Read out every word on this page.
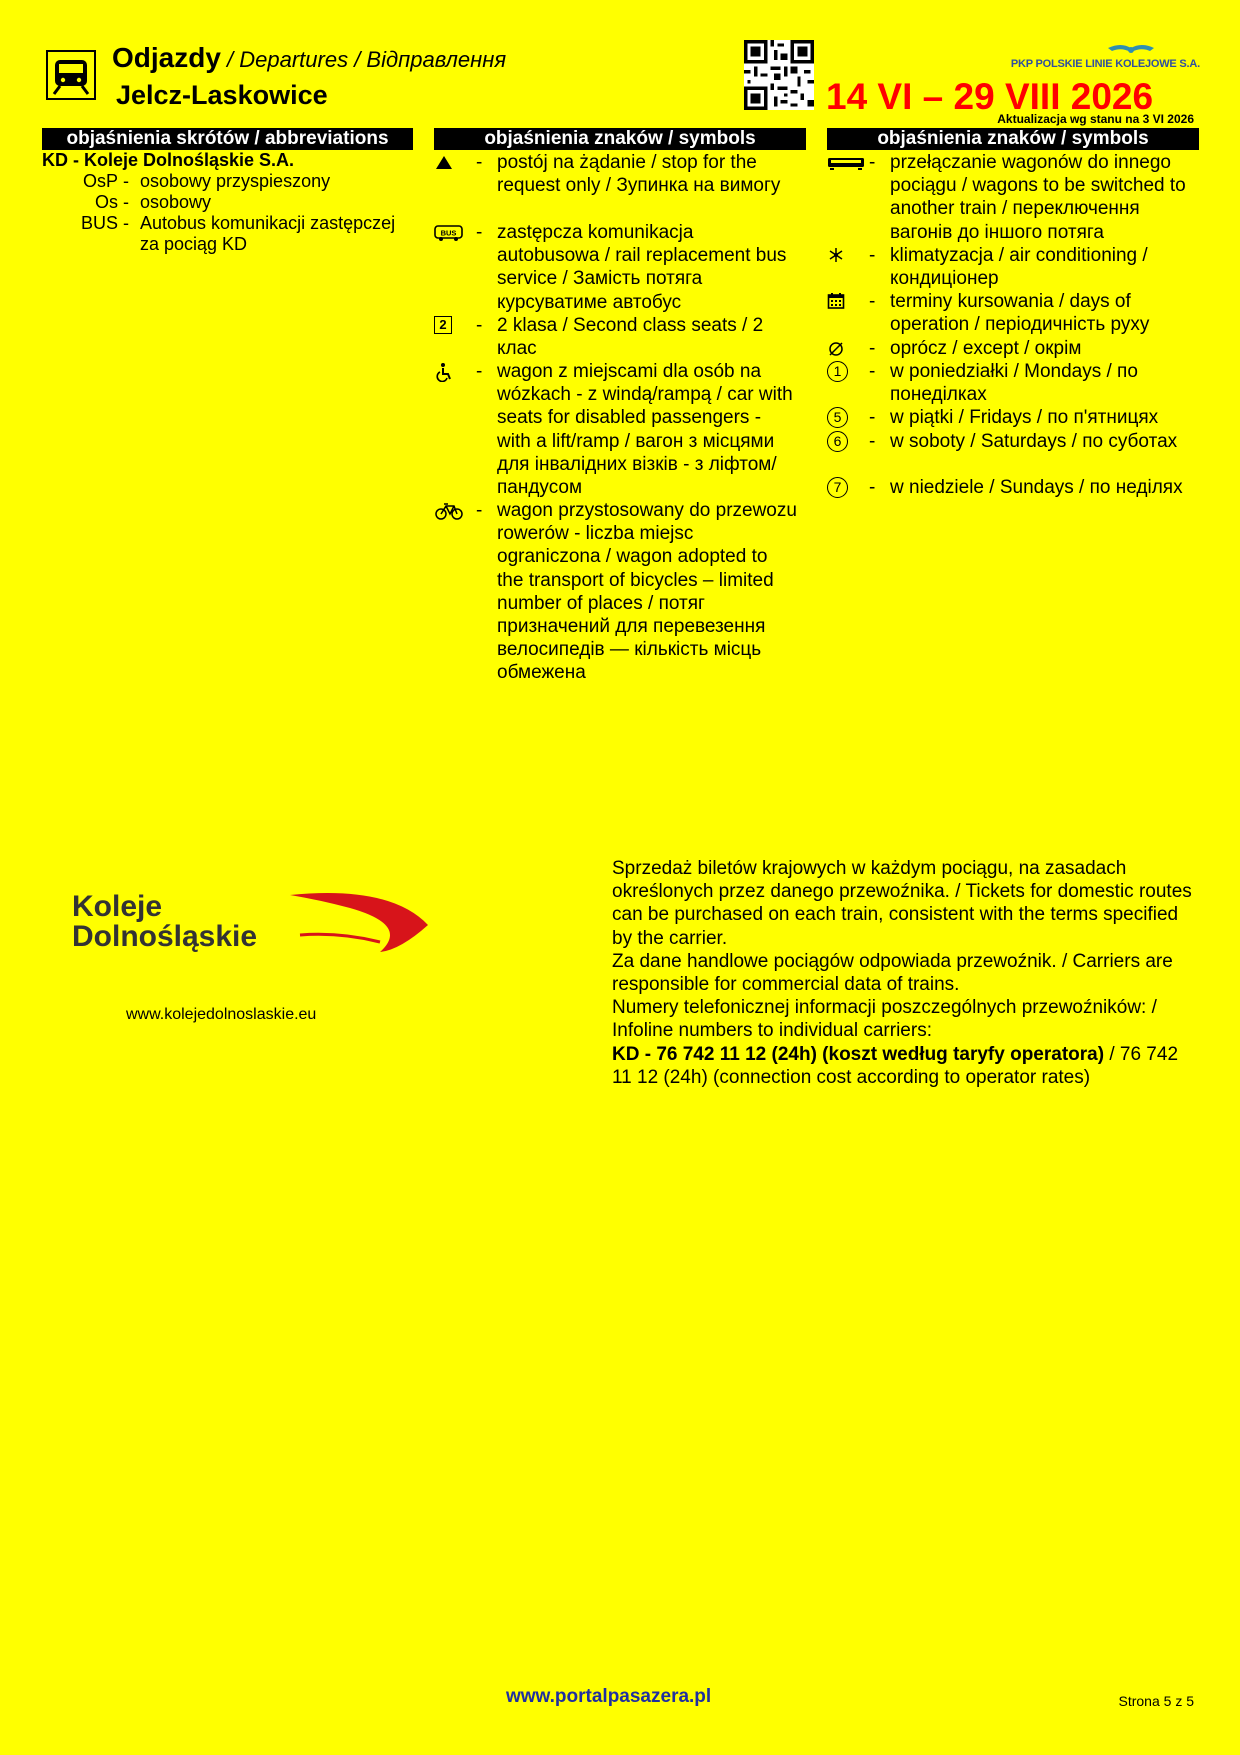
Odjazdy / Departures / Відправлення
Jelcz-Laskowice
PKP POLSKIE LINIE KOLEJOWE S.A.
14 VI – 29 VIII 2026
Aktualizacja wg stanu na 3 VI 2026
objaśnienia skrótów / abbreviations	objaśnienia znaków / symbols	objaśnienia znaków / symbols
KD - Koleje Dolnośląskie S.A.
OsP - osobowy przyspieszony
Os - osobowy
BUS - Autobus komunikacji zastępczej za pociąg KD
- postój na żądanie / stop for the request only / Зупинка на вимогу
BUS - zastępcza komunikacja autobusowa / rail replacement bus service / Замість потяга курсуватиме автобус
2 - 2 klasa / Second class seats / 2 клас
- wagon z miejscami dla osób na wózkach - z windą/rampą / car with seats for disabled passengers - with a lift/ramp / вагон з місцями для інвалідних візків - з ліфтом/пандусом
- wagon przystosowany do przewozu rowerów - liczba miejsc ograniczona / wagon adopted to the transport of bicycles – limited number of places / потяг призначений для перевезення велосипедів — кількість місць обмежена
- przełączanie wagonów do innego pociągu / wagons to be switched to another train / переключення вагонів до іншого потяга
- klimatyzacja / air conditioning / кондиціонер
- terminy kursowania / days of operation / періодичність руху
- oprócz / except / окрім
1	- w poniedziałki / Mondays / по понеділках
5	- w piątki / Fridays / по п'ятницях
6	- w soboty / Saturdays / по суботах
7	- w niedziele / Sundays / по неділях
Koleje
Dolnośląskie
www.kolejedolnoslaskie.eu

Sprzedaż biletów krajowych w każdym pociągu, na zasadach określonych przez danego przewoźnika. / Tickets for domestic routes can be purchased on each train, consistent with the terms specified by the carrier.

Za dane handlowe pociągów odpowiada przewoźnik. / Carriers are responsible for commercial data of trains.

Numery telefonicznej informacji poszczególnych przewoźników: / Infoline numbers to individual carriers:

KD - 76 742 11 12 (24h) (koszt według taryfy operatora) / 76 742 11 12 (24h) (connection cost according to operator rates)

www.portalpasazera.pl	Strona 5 z 5
